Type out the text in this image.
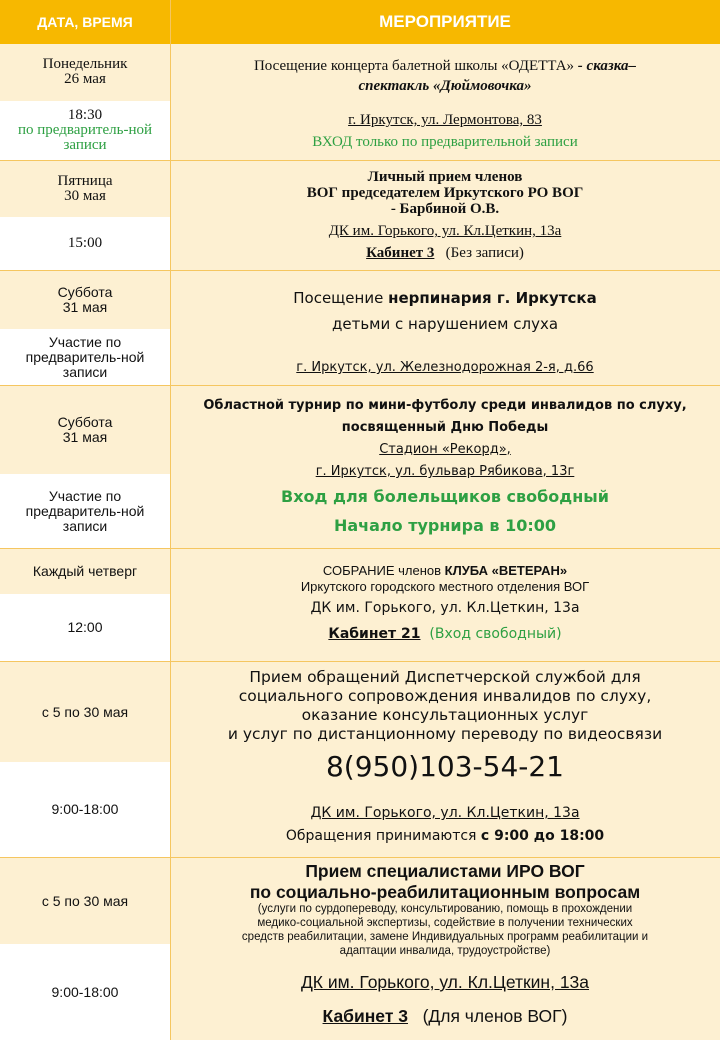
ДАТА, ВРЕМЯ	МЕРОПРИЯТИЕ
Понедельник
26 мая
18:30
по предваритель-ной записи
Посещение концерта балетной школы «ОДЕТТА» - сказка–
спектакль «Дюймовочка»
г. Иркутск, ул. Лермонтова, 83
ВХОД только по предварительной записи
Пятница
30 мая
15:00
Личный прием членов
ВОГ председателем Иркутского РО ВОГ
- Барбиной О.В.
ДК им. Горького, ул. Кл.Цеткин, 13а
Кабинет 3 (Без записи)
Суббота
31 мая
Участие по предваритель-ной записи
Посещение нерпинария г. Иркутска
детьми с нарушением слуха
г. Иркутск, ул. Железнодорожная 2-я, д.66
Суббота
31 мая
Участие по предваритель-ной записи
Областной турнир по мини-футболу среди инвалидов по слуху,
посвященный Дню Победы
Стадион «Рекорд»,
г. Иркутск, ул. бульвар Рябикова, 13г
Вход для болельщиков свободный
Начало турнира в 10:00
Каждый четверг
12:00
СОБРАНИЕ членов КЛУБА «ВЕТЕРАН»
Иркутского городского местного отделения ВОГ
ДК им. Горького, ул. Кл.Цеткин, 13а
Кабинет 21 (Вход свободный)
с 5 по 30 мая
9:00-18:00
Прием обращений Диспетчерской службой для
социального сопровождения инвалидов по слуху,
оказание консультационных услуг
и услуг по дистанционному переводу по видеосвязи
8(950)103-54-21
ДК им. Горького, ул. Кл.Цеткин, 13а
Обращения принимаются с 9:00 до 18:00
с 5 по 30 мая
9:00-18:00
Прием специалистами ИРО ВОГ
по социально-реабилитационным вопросам
(услуги по сурдопереводу, консультированию, помощь в прохождении
медико-социальной экспертизы, содействие в получении технических
средств реабилитации, замене Индивидуальных программ реабилитации и
адаптации инвалида, трудоустройстве)
ДК им. Горького, ул. Кл.Цеткин, 13а
Кабинет 3 (Для членов ВОГ)
